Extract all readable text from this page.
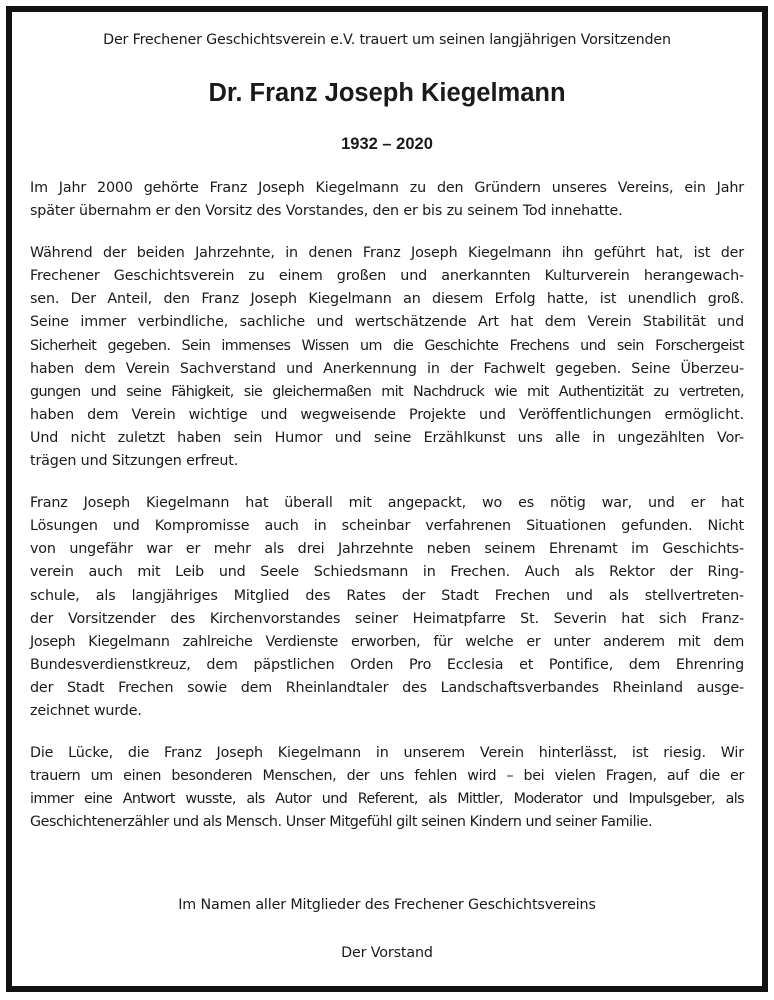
Der Frechener Geschichtsverein e.V. trauert um seinen langjährigen Vorsitzenden

Dr. Franz Joseph Kiegelmann

1932 – 2020

Im Jahr 2000 gehörte Franz Joseph Kiegelmann zu den Gründern unseres Vereins, ein Jahr
später übernahm er den Vorsitz des Vorstandes, den er bis zu seinem Tod innehatte.

Während der beiden Jahrzehnte, in denen Franz Joseph Kiegelmann ihn geführt hat, ist der
Frechener Geschichtsverein zu einem großen und anerkannten Kulturverein herangewach-
sen. Der Anteil, den Franz Joseph Kiegelmann an diesem Erfolg hatte, ist unendlich groß.
Seine immer verbindliche, sachliche und wertschätzende Art hat dem Verein Stabilität und
Sicherheit gegeben. Sein immenses Wissen um die Geschichte Frechens und sein Forschergeist
haben dem Verein Sachverstand und Anerkennung in der Fachwelt gegeben. Seine Überzeu-
gungen und seine Fähigkeit, sie gleichermaßen mit Nachdruck wie mit Authentizität zu vertreten,
haben dem Verein wichtige und wegweisende Projekte und Veröffentlichungen ermöglicht.
Und nicht zuletzt haben sein Humor und seine Erzählkunst uns alle in ungezählten Vor-
trägen und Sitzungen erfreut.

Franz Joseph Kiegelmann hat überall mit angepackt, wo es nötig war, und er hat
Lösungen und Kompromisse auch in scheinbar verfahrenen Situationen gefunden. Nicht
von ungefähr war er mehr als drei Jahrzehnte neben seinem Ehrenamt im Geschichts-
verein auch mit Leib und Seele Schiedsmann in Frechen. Auch als Rektor der Ring-
schule, als langjähriges Mitglied des Rates der Stadt Frechen und als stellvertreten-
der Vorsitzender des Kirchenvorstandes seiner Heimatpfarre St. Severin hat sich Franz-
Joseph Kiegelmann zahlreiche Verdienste erworben, für welche er unter anderem mit dem
Bundesverdienstkreuz, dem päpstlichen Orden Pro Ecclesia et Pontifice, dem Ehrenring
der Stadt Frechen sowie dem Rheinlandtaler des Landschaftsverbandes Rheinland ausge-
zeichnet wurde.

Die Lücke, die Franz Joseph Kiegelmann in unserem Verein hinterlässt, ist riesig. Wir
trauern um einen besonderen Menschen, der uns fehlen wird – bei vielen Fragen, auf die er
immer eine Antwort wusste, als Autor und Referent, als Mittler, Moderator und Impulsgeber, als
Geschichtenerzähler und als Mensch. Unser Mitgefühl gilt seinen Kindern und seiner Familie.

Im Namen aller Mitglieder des Frechener Geschichtsvereins

Der Vorstand
